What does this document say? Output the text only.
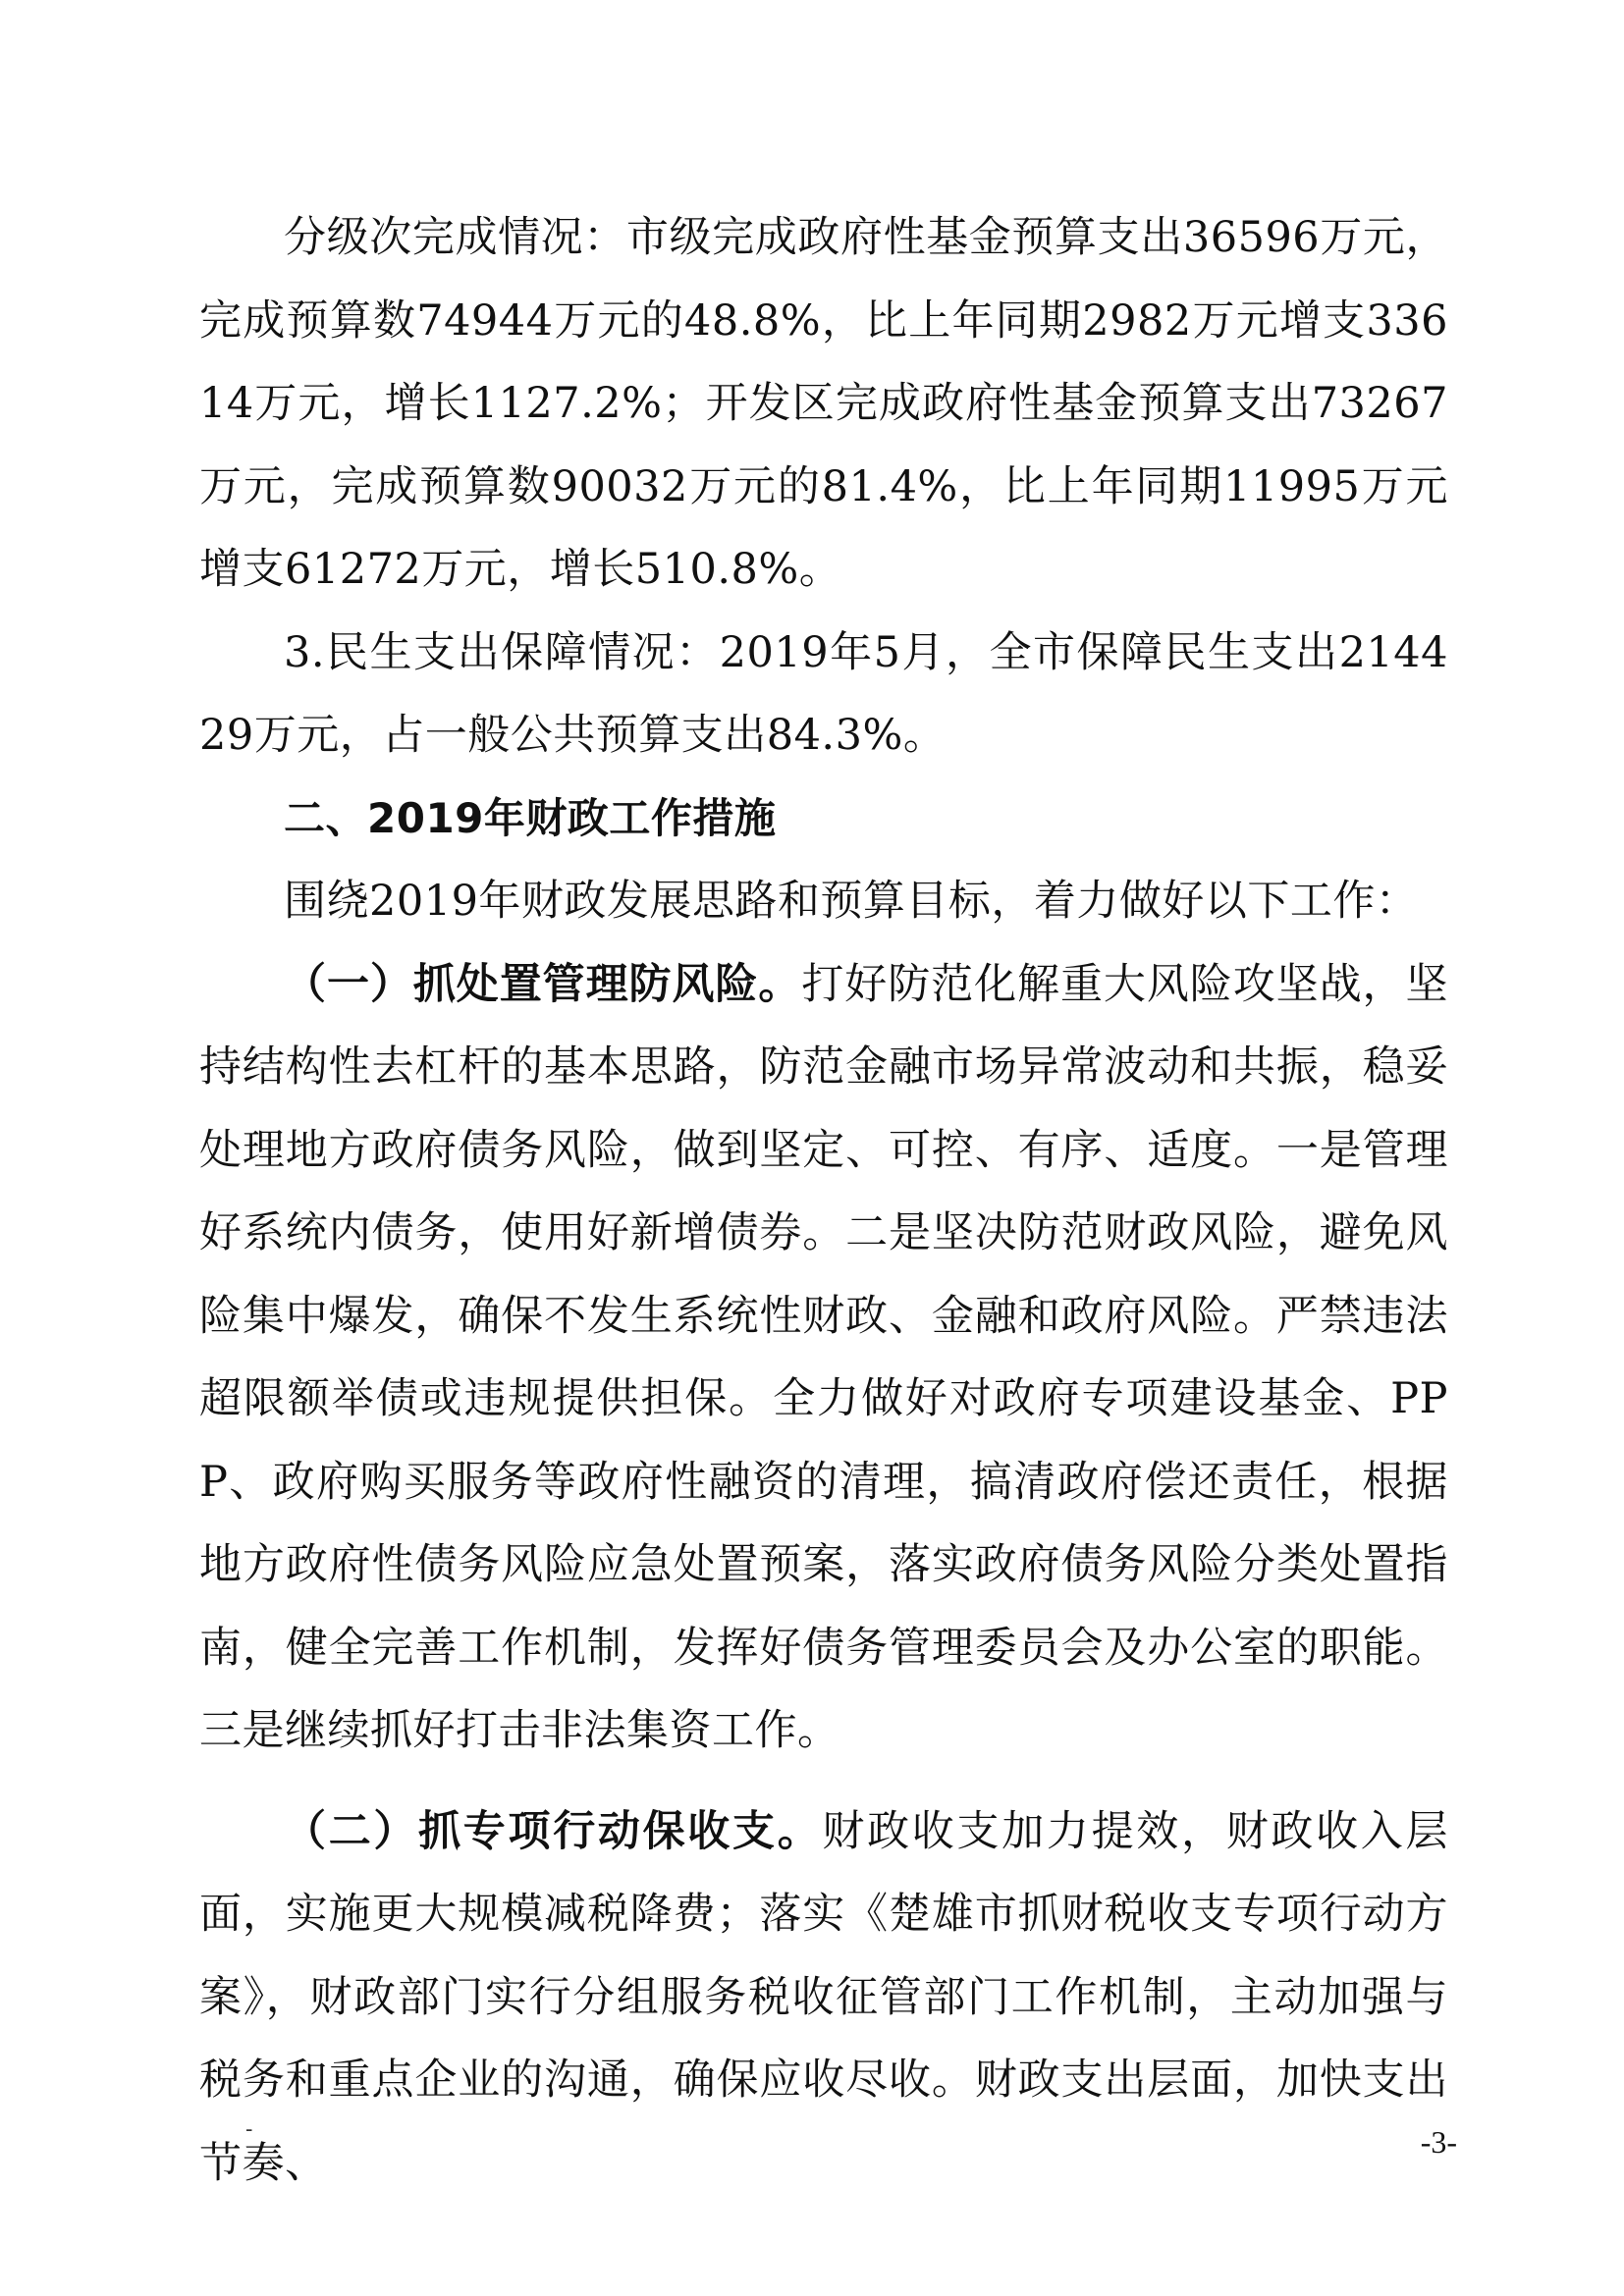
分级次完成情况：市级完成政府性基金预算支出36596万元，完成预算数74944万元的48.8%，比上年同期2982万元增支33614万元，增长1127.2%；开发区完成政府性基金预算支出73267万元，完成预算数90032万元的81.4%，比上年同期11995万元增支61272万元，增长510.8%。

3.民生支出保障情况：2019年5月，全市保障民生支出214429万元，占一般公共预算支出84.3%。

二、2019年财政工作措施

围绕2019年财政发展思路和预算目标，着力做好以下工作：

（一）抓处置管理防风险。打好防范化解重大风险攻坚战，坚持结构性去杠杆的基本思路，防范金融市场异常波动和共振，稳妥处理地方政府债务风险，做到坚定、可控、有序、适度。一是管理好系统内债务，使用好新增债券。二是坚决防范财政风险，避免风险集中爆发，确保不发生系统性财政、金融和政府风险。严禁违法超限额举债或违规提供担保。全力做好对政府专项建设基金、PPP、政府购买服务等政府性融资的清理，搞清政府偿还责任，根据地方政府性债务风险应急处置预案，落实政府债务风险分类处置指南，健全完善工作机制，发挥好债务管理委员会及办公室的职能。三是继续抓好打击非法集资工作。

（二）抓专项行动保收支。财政收支加力提效，财政收入层面，实施更大规模减税降费；落实《楚雄市抓财税收支专项行动方案》，财政部门实行分组服务税收征管部门工作机制，主动加强与税务和重点企业的沟通，确保应收尽收。财政支出层面，加快支出节奏、

-	-3-
